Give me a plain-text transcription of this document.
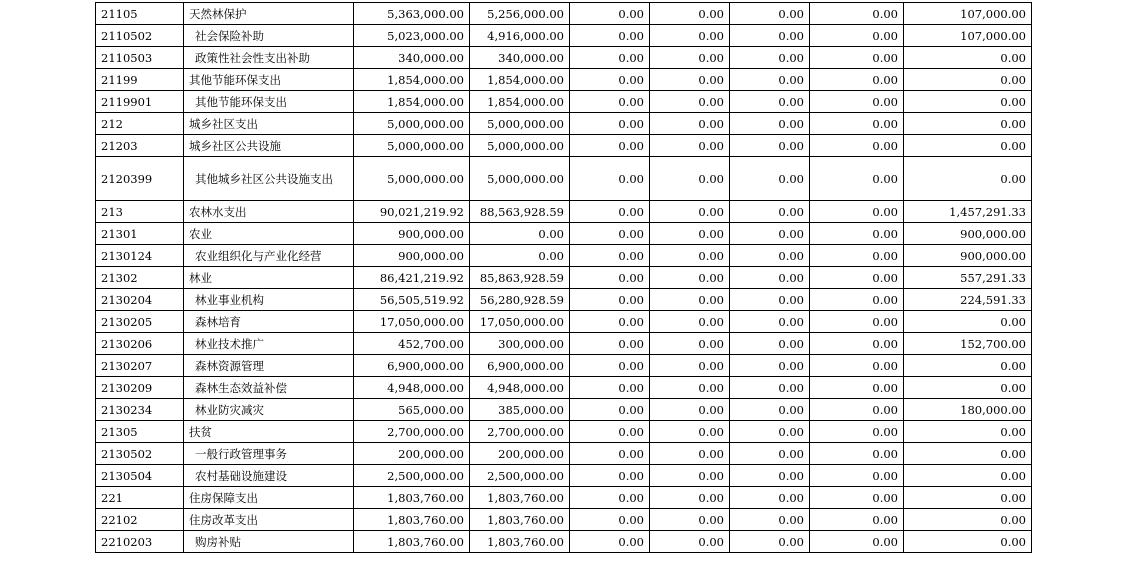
21105	天然林保护	5,363,000.00	5,256,000.00	0.00	0.00	0.00	0.00	107,000.00
2110502	社会保险补助	5,023,000.00	4,916,000.00	0.00	0.00	0.00	0.00	107,000.00
2110503	政策性社会性支出补助	340,000.00	340,000.00	0.00	0.00	0.00	0.00	0.00
21199	其他节能环保支出	1,854,000.00	1,854,000.00	0.00	0.00	0.00	0.00	0.00
2119901	其他节能环保支出	1,854,000.00	1,854,000.00	0.00	0.00	0.00	0.00	0.00
212	城乡社区支出	5,000,000.00	5,000,000.00	0.00	0.00	0.00	0.00	0.00
21203	城乡社区公共设施	5,000,000.00	5,000,000.00	0.00	0.00	0.00	0.00	0.00
2120399	其他城乡社区公共设施支出	5,000,000.00	5,000,000.00	0.00	0.00	0.00	0.00	0.00
213	农林水支出	90,021,219.92	88,563,928.59	0.00	0.00	0.00	0.00	1,457,291.33
21301	农业	900,000.00	0.00	0.00	0.00	0.00	0.00	900,000.00
2130124	农业组织化与产业化经营	900,000.00	0.00	0.00	0.00	0.00	0.00	900,000.00
21302	林业	86,421,219.92	85,863,928.59	0.00	0.00	0.00	0.00	557,291.33
2130204	林业事业机构	56,505,519.92	56,280,928.59	0.00	0.00	0.00	0.00	224,591.33
2130205	森林培育	17,050,000.00	17,050,000.00	0.00	0.00	0.00	0.00	0.00
2130206	林业技术推广	452,700.00	300,000.00	0.00	0.00	0.00	0.00	152,700.00
2130207	森林资源管理	6,900,000.00	6,900,000.00	0.00	0.00	0.00	0.00	0.00
2130209	森林生态效益补偿	4,948,000.00	4,948,000.00	0.00	0.00	0.00	0.00	0.00
2130234	林业防灾减灾	565,000.00	385,000.00	0.00	0.00	0.00	0.00	180,000.00
21305	扶贫	2,700,000.00	2,700,000.00	0.00	0.00	0.00	0.00	0.00
2130502	一般行政管理事务	200,000.00	200,000.00	0.00	0.00	0.00	0.00	0.00
2130504	农村基础设施建设	2,500,000.00	2,500,000.00	0.00	0.00	0.00	0.00	0.00
221	住房保障支出	1,803,760.00	1,803,760.00	0.00	0.00	0.00	0.00	0.00
22102	住房改革支出	1,803,760.00	1,803,760.00	0.00	0.00	0.00	0.00	0.00
2210203	购房补贴	1,803,760.00	1,803,760.00	0.00	0.00	0.00	0.00	0.00
